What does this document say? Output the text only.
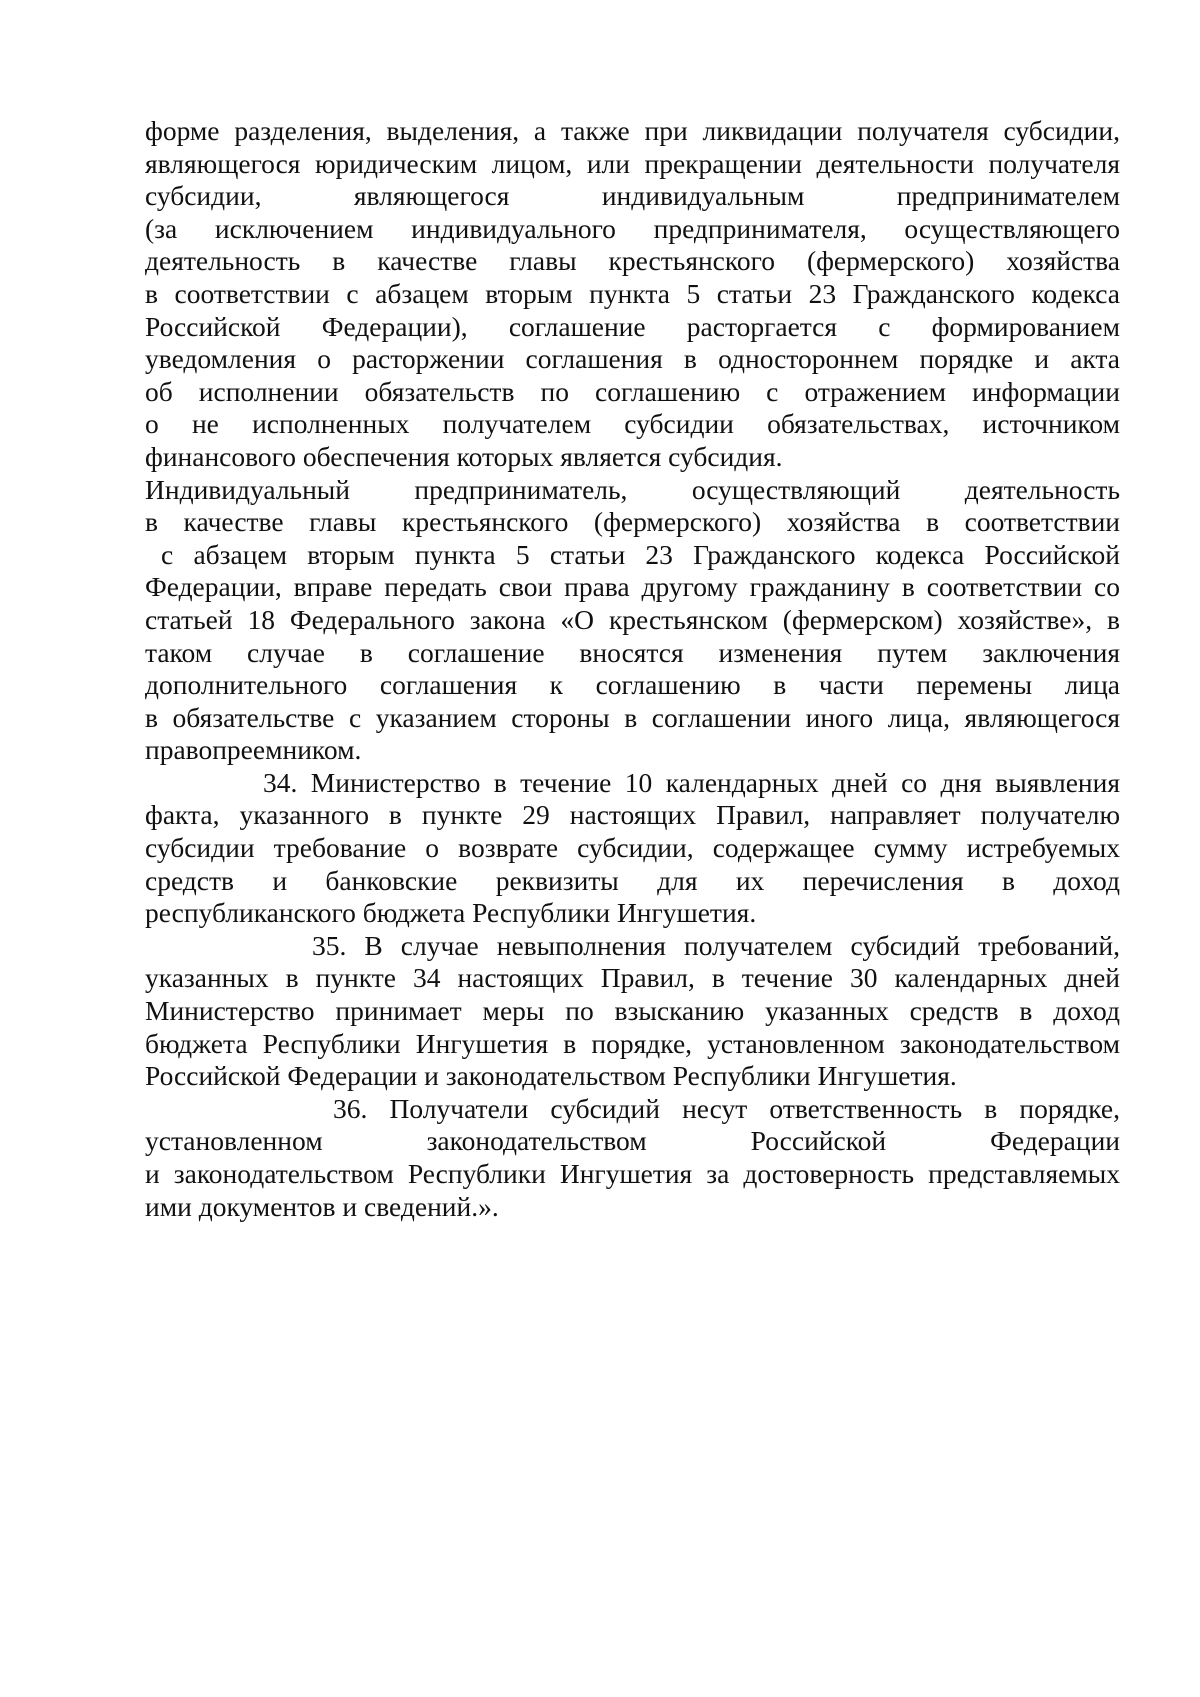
форме разделения, выделения, а также при ликвидации получателя субсидии,
являющегося юридическим лицом, или прекращении деятельности получателя
субсидии, являющегося индивидуальным предпринимателем
(за исключением индивидуального предпринимателя, осуществляющего
деятельность в качестве главы крестьянского (фермерского) хозяйства
в соответствии с абзацем вторым пункта 5 статьи 23 Гражданского кодекса
Российской Федерации), соглашение расторгается с формированием
уведомления о расторжении соглашения в одностороннем порядке и акта
об исполнении обязательств по соглашению с отражением информации
о не исполненных получателем субсидии обязательствах, источником
финансового обеспечения которых является субсидия.
Индивидуальный предприниматель, осуществляющий деятельность
в качестве главы крестьянского (фермерского) хозяйства в соответствии
с абзацем вторым пункта 5 статьи 23 Гражданского кодекса Российской
Федерации, вправе передать свои права другому гражданину в соответствии со
статьей 18 Федерального закона «О крестьянском (фермерском) хозяйстве», в
таком случае в соглашение вносятся изменения путем заключения
дополнительного соглашения к соглашению в части перемены лица
в обязательстве с указанием стороны в соглашении иного лица, являющегося
правопреемником.
34. Министерство в течение 10 календарных дней со дня выявления
факта, указанного в пункте 29 настоящих Правил, направляет получателю
субсидии требование о возврате субсидии, содержащее сумму истребуемых
средств и банковские реквизиты для их перечисления в доход
республиканского бюджета Республики Ингушетия.
35. В случае невыполнения получателем субсидий требований,
указанных в пункте 34 настоящих Правил, в течение 30 календарных дней
Министерство принимает меры по взысканию указанных средств в доход
бюджета Республики Ингушетия в порядке, установленном законодательством
Российской Федерации и законодательством Республики Ингушетия.
36. Получатели субсидий несут ответственность в порядке,
установленном законодательством Российской Федерации
и законодательством Республики Ингушетия за достоверность представляемых
ими документов и сведений.».
